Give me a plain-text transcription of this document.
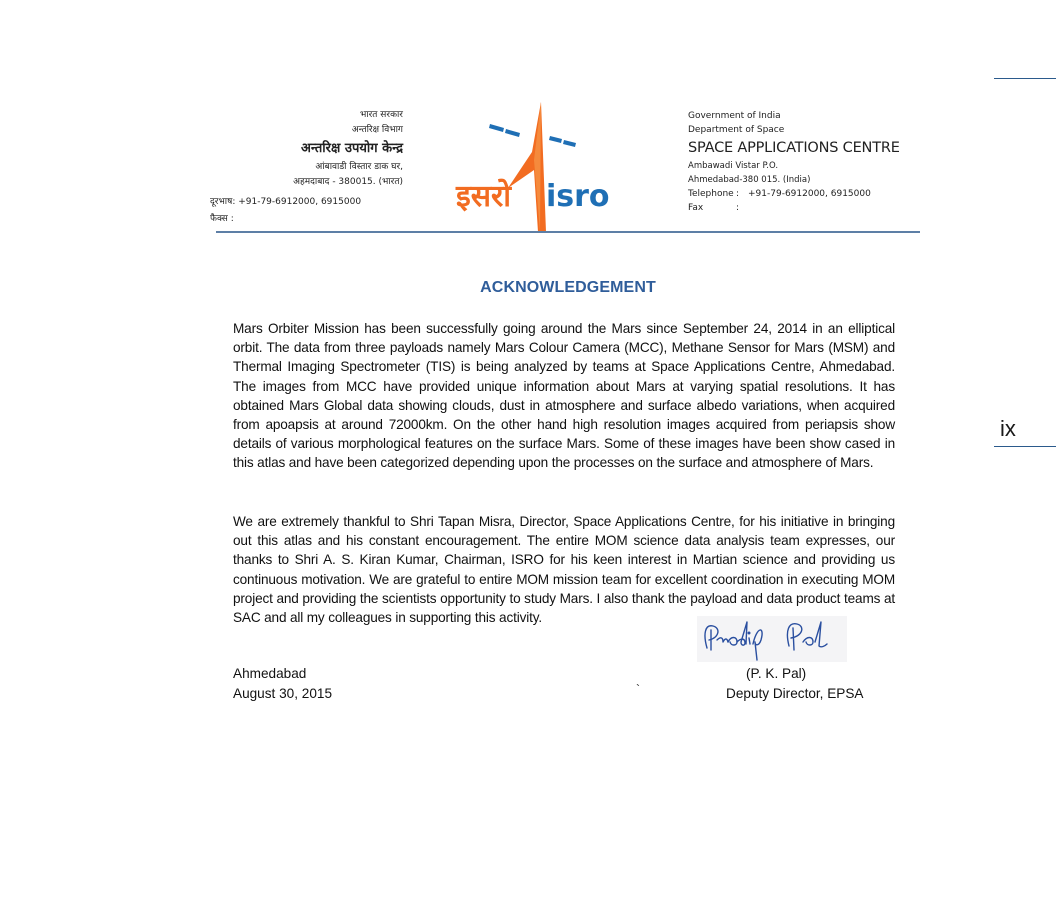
ix
भारत सरकार
अन्तरिक्ष विभाग
अन्तरिक्ष उपयोग केन्द्र
आंबावाडी विस्तार डाक घर,
अहमदाबाद - 380015. (भारत)
दूरभाष: +91-79-6912000, 6915000
फैक्स :
इसरो isro
Government of India
Department of Space
SPACE APPLICATIONS CENTRE
Ambawadi Vistar P.O.
Ahmedabad-380 015. (India)
Telephone : +91-79-6912000, 6915000
Fax	:
ACKNOWLEDGEMENT
Mars Orbiter Mission has been successfully going around the Mars since September 24, 2014 in an elliptical orbit. The data from three payloads namely Mars Colour Camera (MCC), Methane Sensor for Mars (MSM) and Thermal Imaging Spectrometer (TIS) is being analyzed by teams at Space Applications Centre, Ahmedabad. The images from MCC have provided unique information about Mars at varying spatial resolutions. It has obtained Mars Global data showing clouds, dust in atmosphere and surface albedo variations, when acquired from apoapsis at around 72000km. On the other hand high resolution images acquired from periapsis show details of various morphological features on the surface Mars. Some of these images have been show cased in this atlas and have been categorized depending upon the processes on the surface and atmosphere of Mars.
We are extremely thankful to Shri Tapan Misra, Director, Space Applications Centre, for his initiative in bringing out this atlas and his constant encouragement. The entire MOM science data analysis team expresses, our thanks to Shri A. S. Kiran Kumar, Chairman, ISRO for his keen interest in Martian science and providing us continuous motivation. We are grateful to entire MOM mission team for excellent coordination in executing MOM project and providing the scientists opportunity to study Mars. I also thank the payload and data product teams at SAC and all my colleagues in supporting this activity.
Ahmedabad
August 30, 2015	`
(P. K. Pal)
Deputy Director, EPSA
